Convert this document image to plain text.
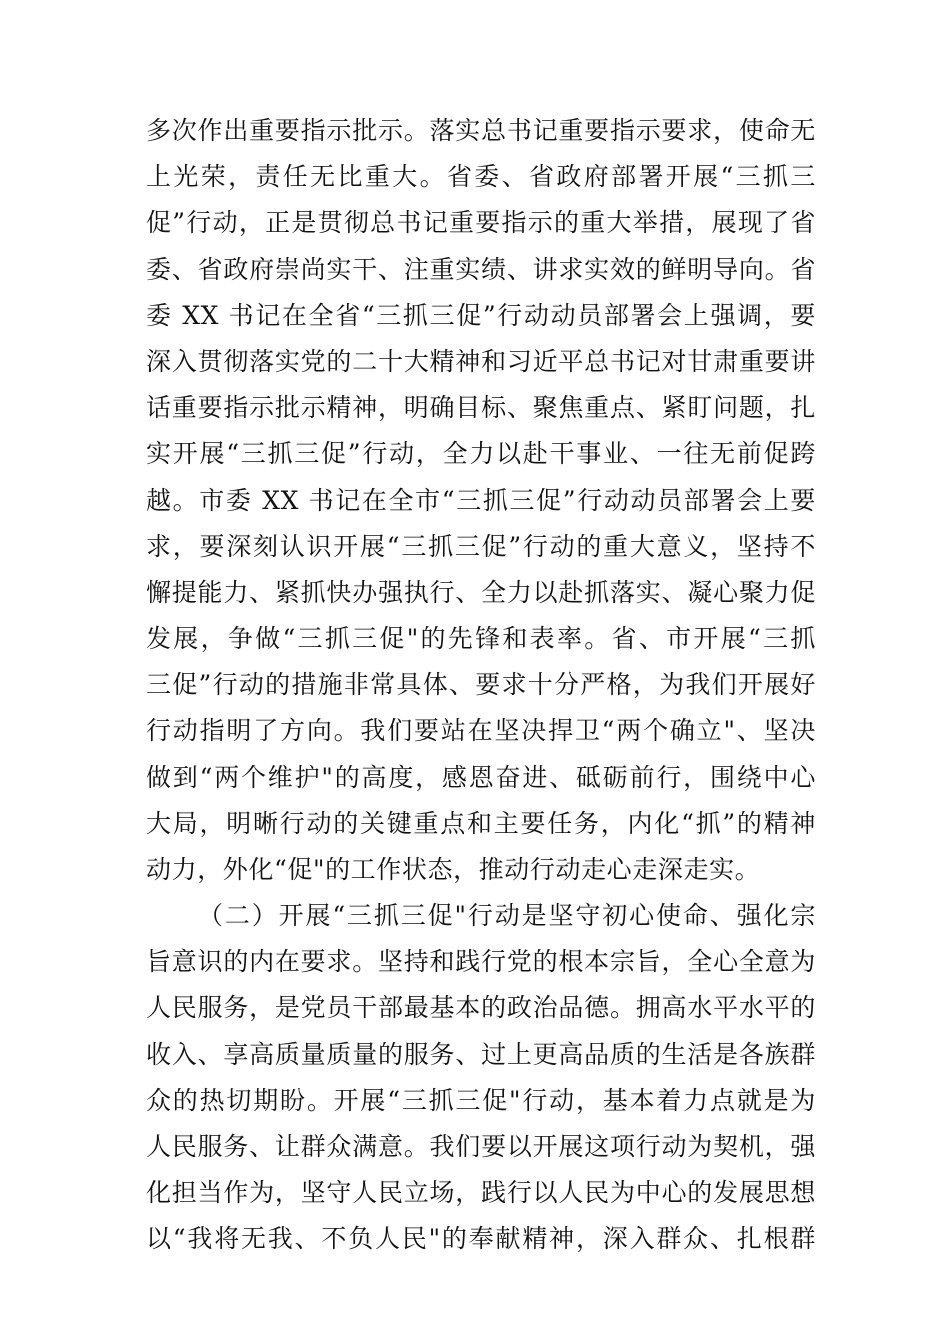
多次作出重要指示批示。落实总书记重要指示要求，使命无
上光荣，责任无比重大。省委、省政府部署开展“三抓三
促”行动，正是贯彻总书记重要指示的重大举措，展现了省
委、省政府崇尚实干、注重实绩、讲求实效的鲜明导向。省
委 XX 书记在全省“三抓三促”行动动员部署会上强调，要
深入贯彻落实党的二十大精神和习近平总书记对甘肃重要讲
话重要指示批示精神，明确目标、聚焦重点、紧盯问题，扎
实开展“三抓三促”行动，全力以赴干事业、一往无前促跨
越。市委 XX 书记在全市“三抓三促”行动动员部署会上要
求，要深刻认识开展“三抓三促”行动的重大意义，坚持不
懈提能力、紧抓快办强执行、全力以赴抓落实、凝心聚力促
发展，争做“三抓三促"的先锋和表率。省、市开展“三抓
三促”行动的措施非常具体、要求十分严格，为我们开展好
行动指明了方向。我们要站在坚决捍卫“两个确立"、坚决
做到“两个维护"的高度，感恩奋进、砥砺前行，围绕中心
大局，明晰行动的关键重点和主要任务，内化“抓”的精神
动力，外化“促"的工作状态，推动行动走心走深走实。
（二）开展“三抓三促"行动是坚守初心使命、强化宗
旨意识的内在要求。坚持和践行党的根本宗旨，全心全意为
人民服务，是党员干部最基本的政治品德。拥高水平水平的
收入、享高质量质量的服务、过上更高品质的生活是各族群
众的热切期盼。开展“三抓三促"行动，基本着力点就是为
人民服务、让群众满意。我们要以开展这项行动为契机，强
化担当作为，坚守人民立场，践行以人民为中心的发展思想
以“我将无我、不负人民"的奉献精神，深入群众、扎根群
